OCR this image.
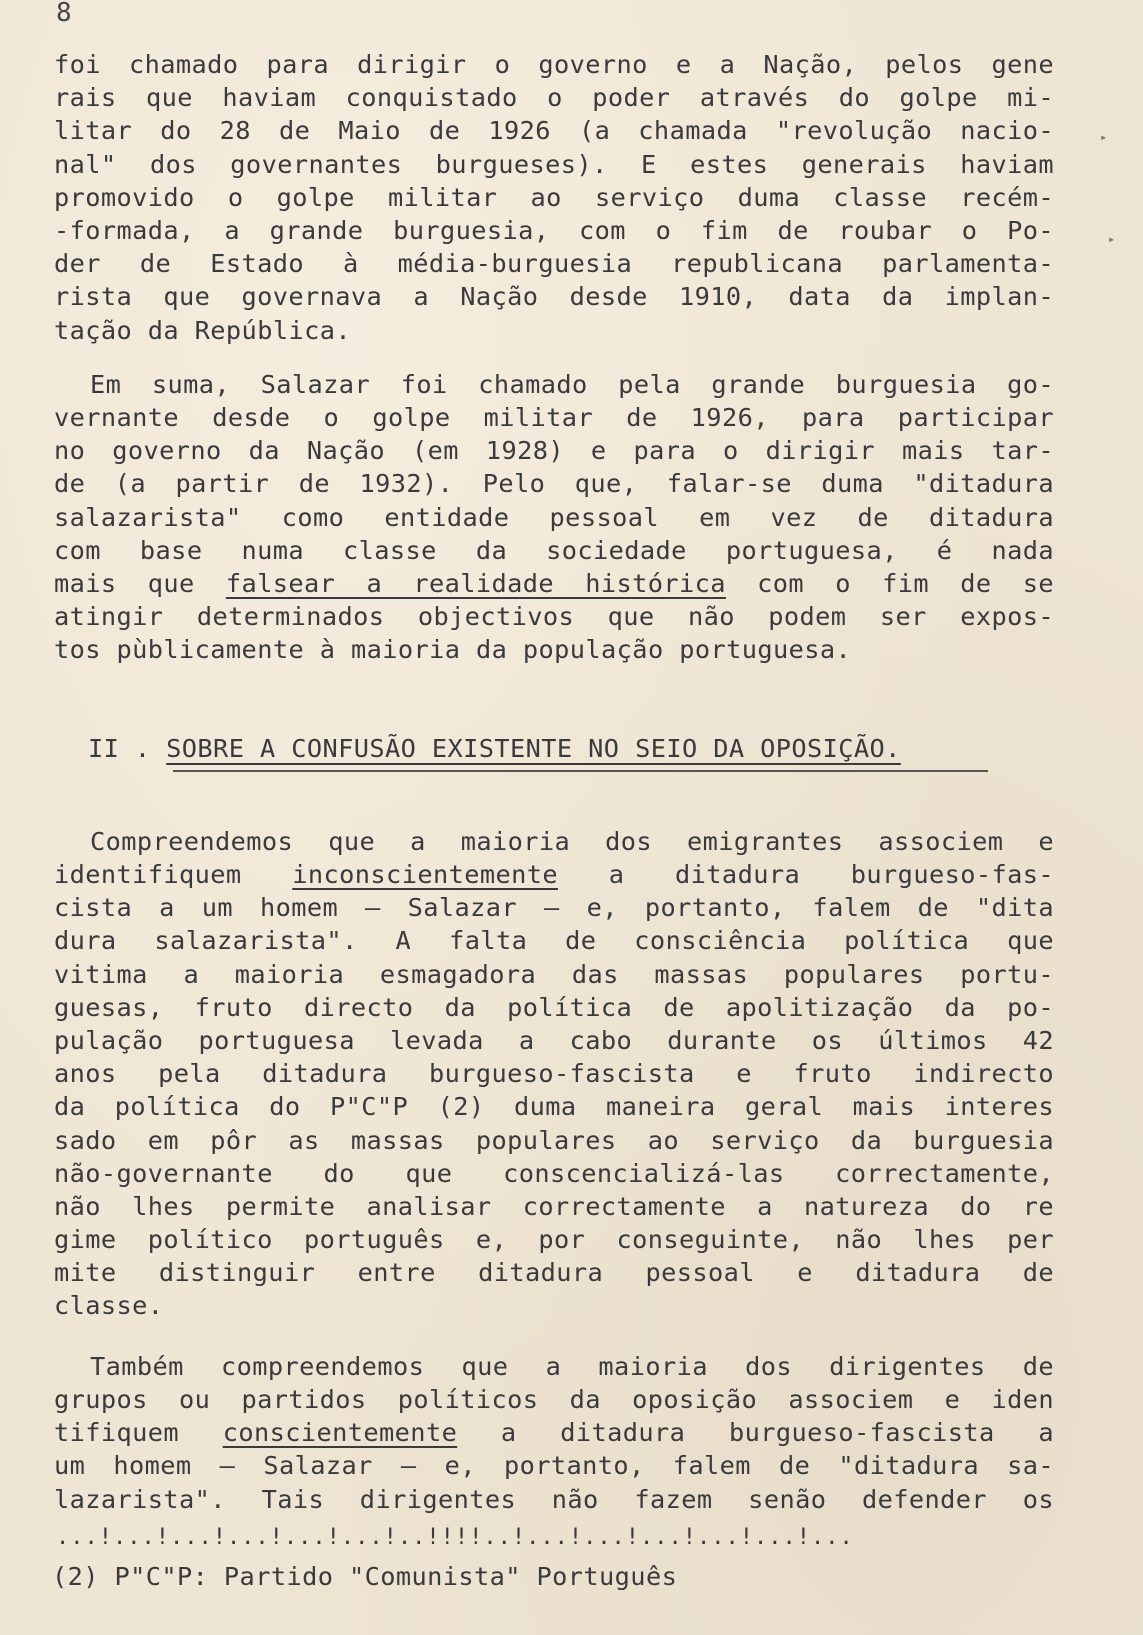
8
foi chamado para dirigir o governo e a Nação, pelos gene
rais que haviam conquistado o poder através do golpe mi-
litar do 28 de Maio de 1926 (a chamada "revolução nacio-
nal" dos governantes burgueses). E estes generais haviam
promovido o golpe militar ao serviço duma classe recém-
-formada, a grande burguesia, com o fim de roubar o Po-
der de Estado à média-burguesia republicana parlamenta-
rista que governava a Nação desde 1910, data da implan-
tação da República.
Em suma, Salazar foi chamado pela grande burguesia go-
vernante desde o golpe militar de 1926, para participar
no governo da Nação (em 1928) e para o dirigir mais tar-
de (a partir de 1932). Pelo que, falar-se duma "ditadura
salazarista" como entidade pessoal em vez de ditadura
com base numa classe da sociedade portuguesa, é nada
mais que falsear a realidade histórica com o fim de se
atingir determinados objectivos que não podem ser expos-
tos pùblicamente à maioria da população portuguesa.
II . SOBRE A CONFUSÃO EXISTENTE NO SEIO DA OPOSIÇÃO.
Compreendemos que a maioria dos emigrantes associem e
identifiquem inconscientemente a ditadura burgueso-fas-
cista a um homem — Salazar — e, portanto, falem de "dita
dura salazarista". A falta de consciência política que
vitima a maioria esmagadora das massas populares portu-
guesas, fruto directo da política de apolitização da po-
pulação portuguesa levada a cabo durante os últimos 42
anos pela ditadura burgueso-fascista e fruto indirecto
da política do P"C"P (2) duma maneira geral mais interes
sado em pôr as massas populares ao serviço da burguesia
não-governante do que conscencializá-las correctamente,
não lhes permite analisar correctamente a natureza do re
gime político português e, por conseguinte, não lhes per
mite distinguir entre ditadura pessoal e ditadura de
classe.
Também compreendemos que a maioria dos dirigentes de
grupos ou partidos políticos da oposição associem e iden
tifiquem conscientemente a ditadura burgueso-fascista a
um homem — Salazar — e, portanto, falem de "ditadura sa-
lazarista". Tais dirigentes não fazem senão defender os
...!...!...!...!...!...!..!!!!..!...!...!...!...!...!...
(2) P"C"P: Partido "Comunista" Português
▸
▸
